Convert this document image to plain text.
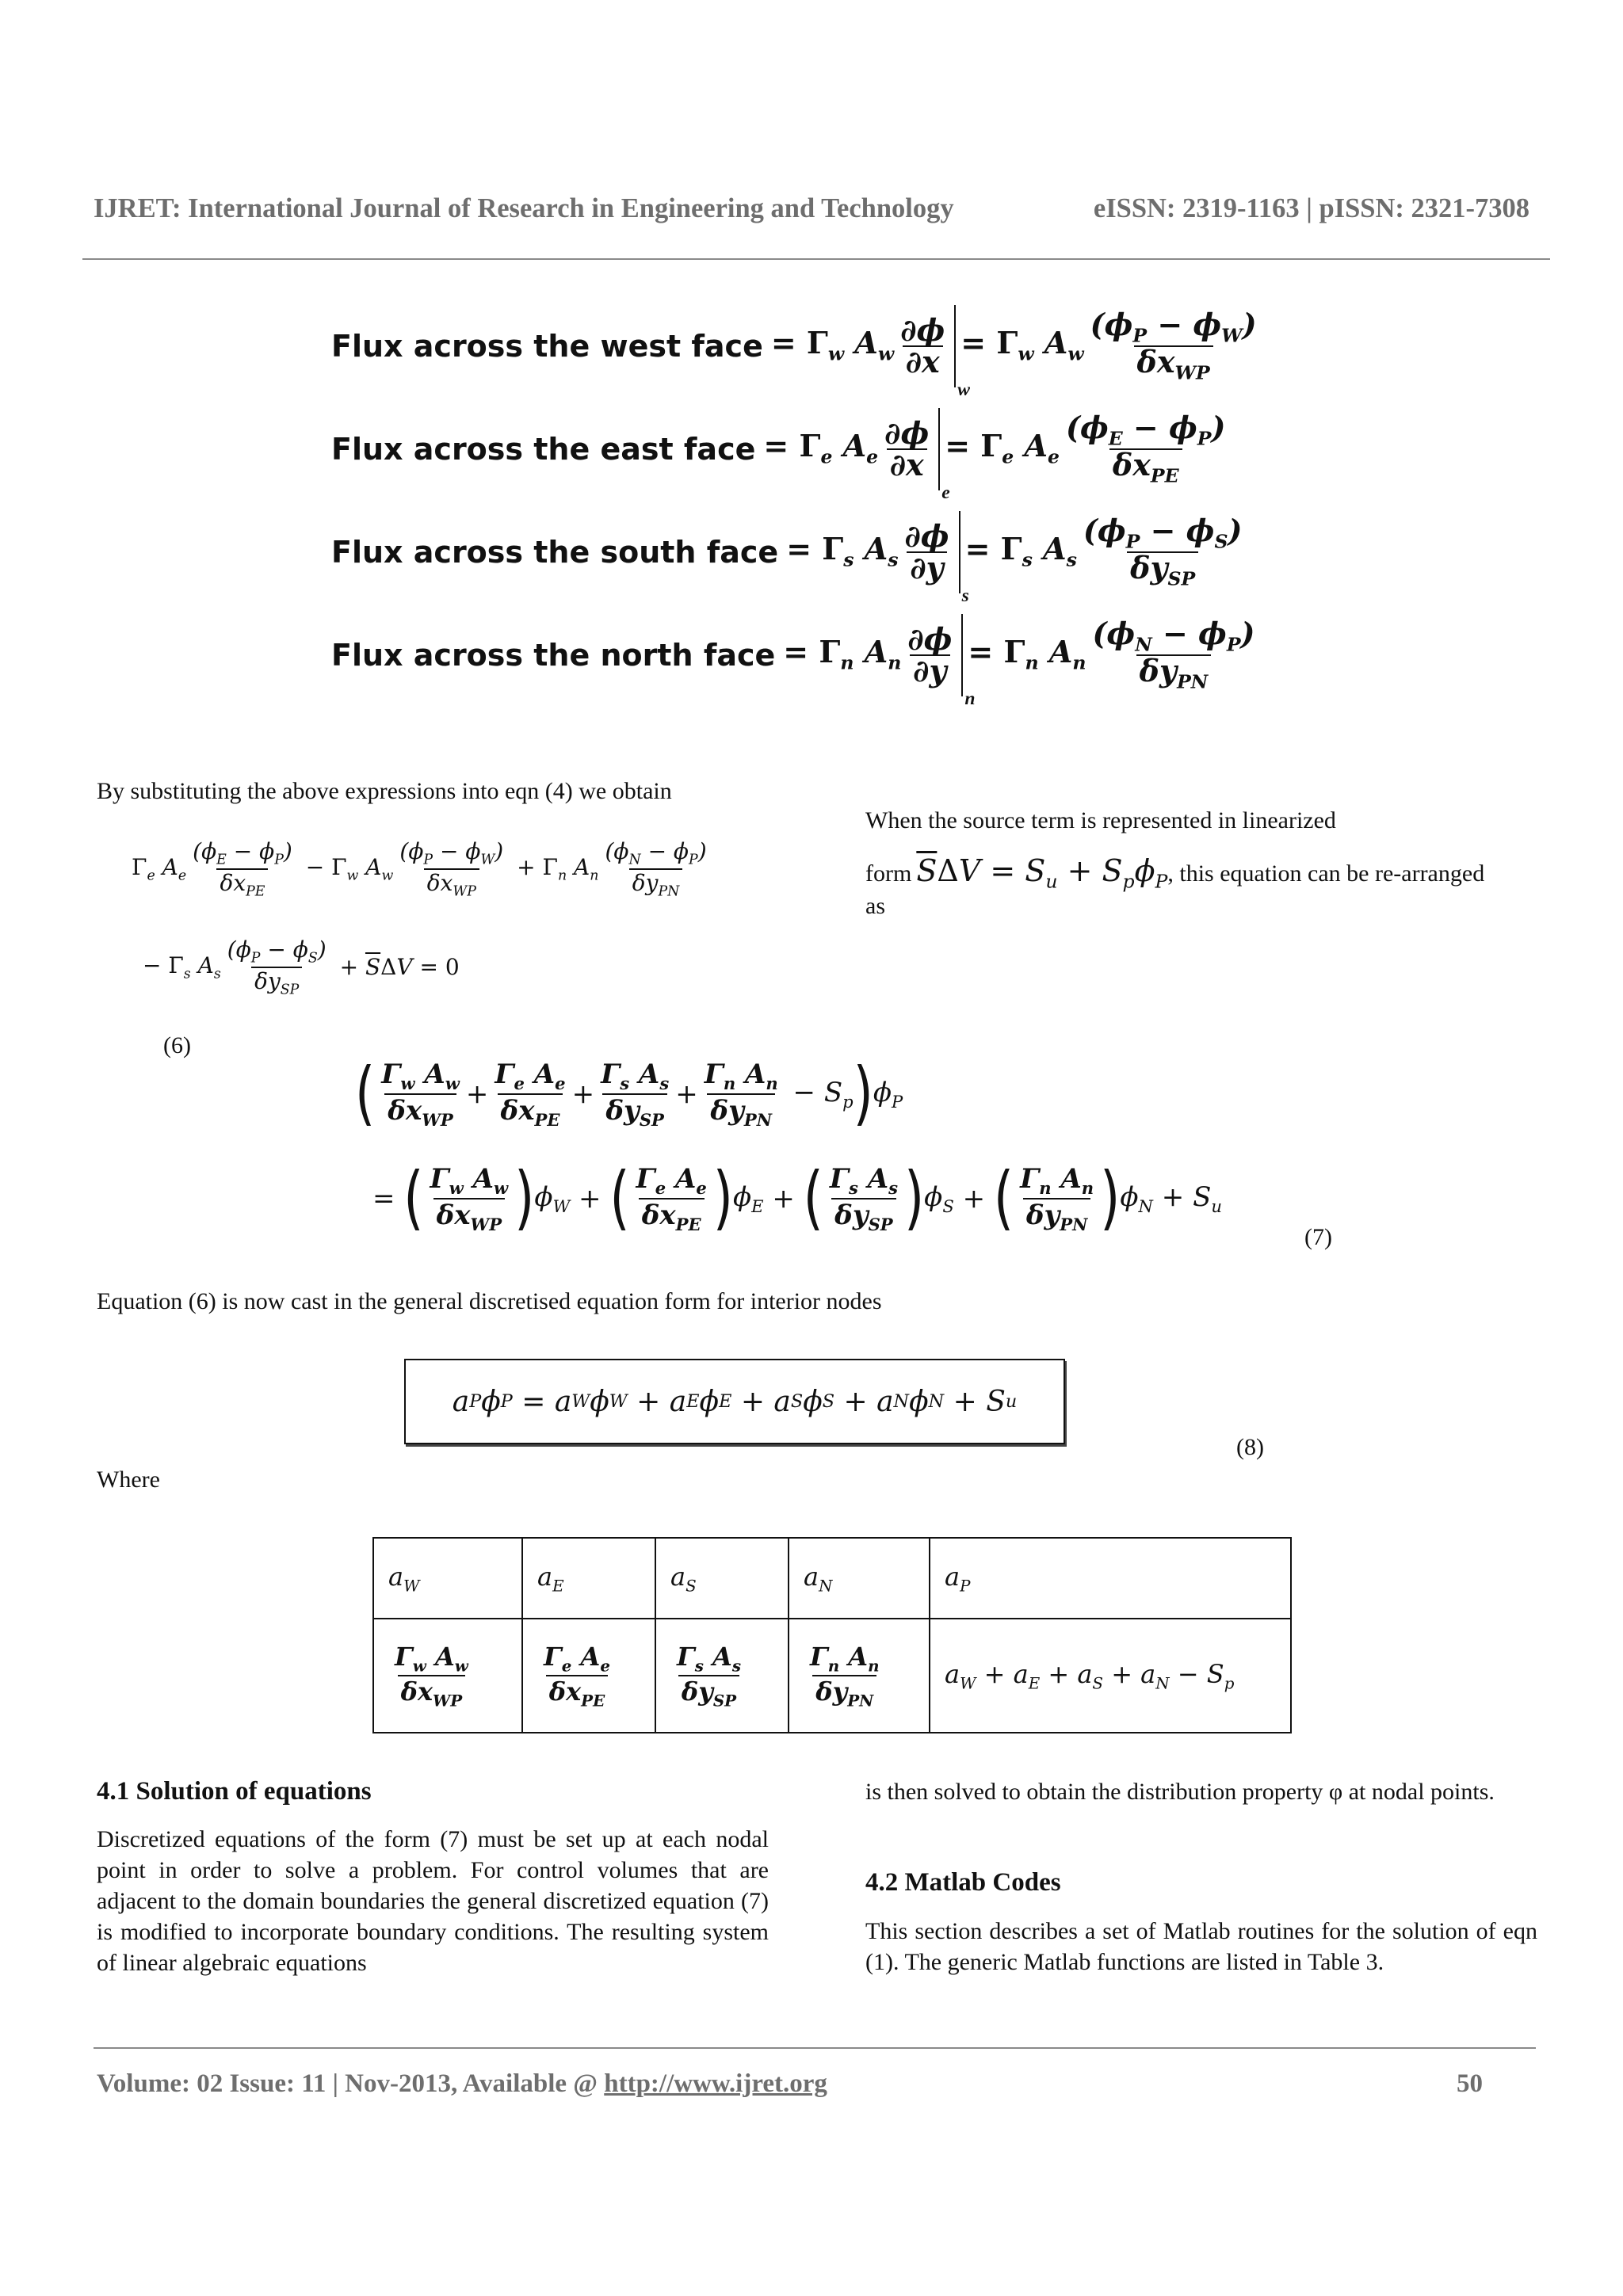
IJRET: International Journal of Research in Engineering and Technology	eISSN: 2319-1163 | pISSN: 2321-7308
Flux across the west face = $\Gamma_w$ $A_w$
∂ϕ
∂x
w
= $\Gamma_w$ $A_w$
$(\phi_P - \phi_W)$
$\delta x_{WP}$
Flux across the east face = $\Gamma_e$ $A_e$
∂ϕ
∂x
e
= $\Gamma_e$ $A_e$
$(\phi_E - \phi_P)$
$\delta x_{PE}$
Flux across the south face = $\Gamma_s$ $A_s$
∂ϕ
∂y
s
= $\Gamma_s$ $A_s$
$(\phi_P - \phi_S)$
$\delta y_{SP}$
Flux across the north face = $\Gamma_n$ $A_n$
∂ϕ
∂y
n
= $\Gamma_n$ $A_n$
$(\phi_N - \phi_P)$
$\delta y_{PN}$
By substituting the above expressions into eqn (4) we obtain
$\Gamma_e$ $A_e$
$(\phi_E - \phi_P)$
$\delta x_{PE}$
− $\Gamma_w$ $A_w$
$(\phi_P - \phi_W)$
$\delta x_{WP}$
+ $\Gamma_n$ $A_n$
$(\phi_N - \phi_P)$
$\delta y_{PN}$
− $\Gamma_s$ $A_s$
$(\phi_P - \phi_S)$
$\delta y_{SP}$
+ $\overline{S}\Delta V = 0$
(6)
When the source term is represented in linearized
form $\overline{S}\Delta V = S_u + S_p\phi_P$ , this equation can be re-arranged
as
( $\Gamma_w$ $A_w$
$\delta x_{WP}$
+
$\Gamma_e$ $A_e$
$\delta x_{PE}$
+
$\Gamma_s$ $A_s$
$\delta y_{SP}$
+
$\Gamma_n$ $A_n$
$\delta y_{PN}$
− $S_p$ ) $\phi_P$
= ( $\Gamma_w$ $A_w$
$\delta x_{WP}$ ) $\phi_W$ + ( $\Gamma_e$ $A_e$
$\delta x_{PE}$ ) $\phi_E$ + ( $\Gamma_s$ $A_s$
$\delta y_{SP}$ ) $\phi_S$ + ( $\Gamma_n$ $A_n$
$\delta y_{PN}$ ) $\phi_N + S_u$
(7)
Equation (6) is now cast in the general discretised equation form for interior nodes
a P ϕ P = a W ϕ W + a E ϕ E + a S ϕ S + a N ϕ N + S u
(8)
Where
$a_W$	$a_E$	$a_S$	$a_N$	$a_P$

$\Gamma_w$ $A_w$
$\delta x_{WP}$	$\Gamma_e$ $A_e$
$\delta x_{PE}$	$\Gamma_s$ $A_s$
$\delta y_{SP}$	$\Gamma_n$ $A_n$
$\delta y_{PN}$	$a_W + a_E + a_S + a_N - S_p$
4.1 Solution of equations
Discretized equations of the form (7) must be set up at each nodal point in order to solve a problem. For control volumes that are adjacent to the domain boundaries the general discretized equation (7) is modified to incorporate boundary conditions. The resulting system of linear algebraic equations
is then solved to obtain the distribution property φ at nodal points.
4.2 Matlab Codes
This section describes a set of Matlab routines for the solution of eqn (1). The generic Matlab functions are listed in Table 3.
Volume: 02 Issue: 11 | Nov-2013, Available @ http://www.ijret.org	50
